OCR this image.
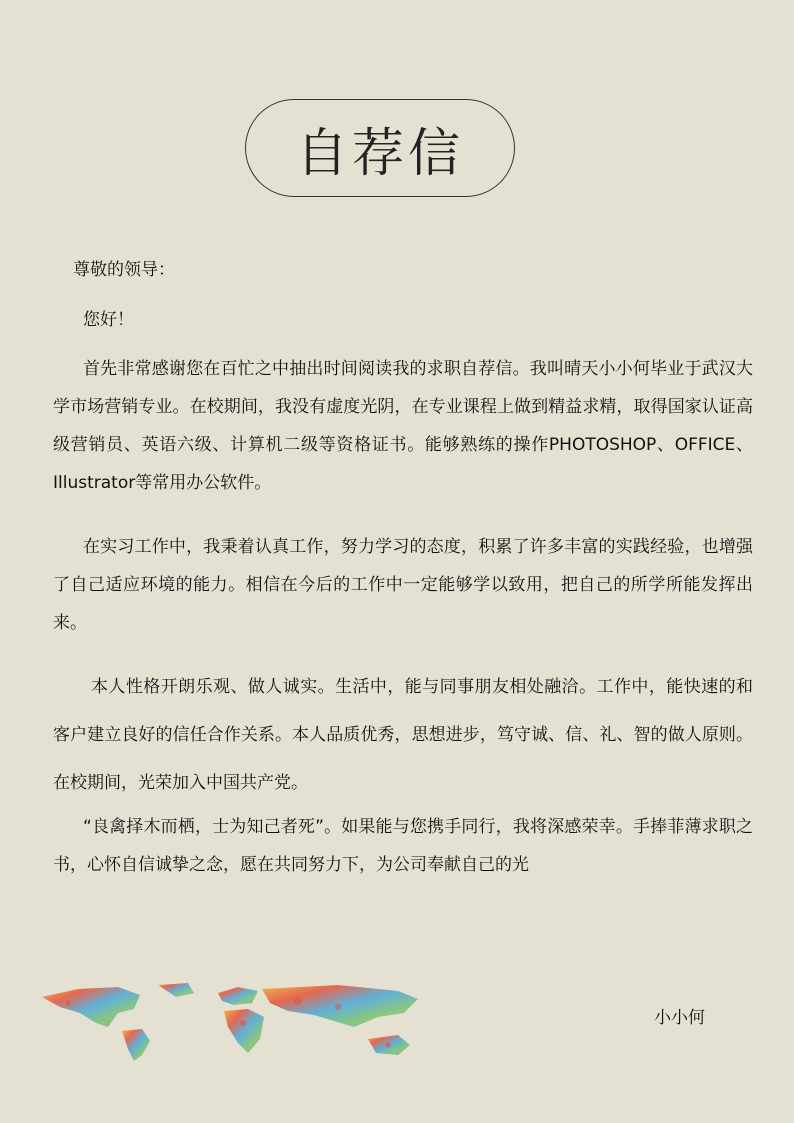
自荐信
尊敬的领导：
您好！

首先非常感谢您在百忙之中抽出时间阅读我的求职自荐信。我叫晴天小小何毕业于武汉大学市场营销专业。在校期间，我没有虚度光阴，在专业课程上做到精益求精，取得国家认证高级营销员、英语六级、计算机二级等资格证书。能够熟练的操作PHOTOSHOP、OFFICE、Illustrator等常用办公软件。

在实习工作中，我秉着认真工作，努力学习的态度，积累了许多丰富的实践经验，也增强了自己适应环境的能力。相信在今后的工作中一定能够学以致用，把自己的所学所能发挥出来。

本人性格开朗乐观、做人诚实。生活中，能与同事朋友相处融洽。工作中，能快速的和客户建立良好的信任合作关系。本人品质优秀，思想进步，笃守诚、信、礼、智的做人原则。在校期间，光荣加入中国共产党。

“良禽择木而栖，士为知己者死”。如果能与您携手同行，我将深感荣幸。手捧菲薄求职之书，心怀自信诚挚之念，愿在共同努力下，为公司奉献自己的光

小小何
